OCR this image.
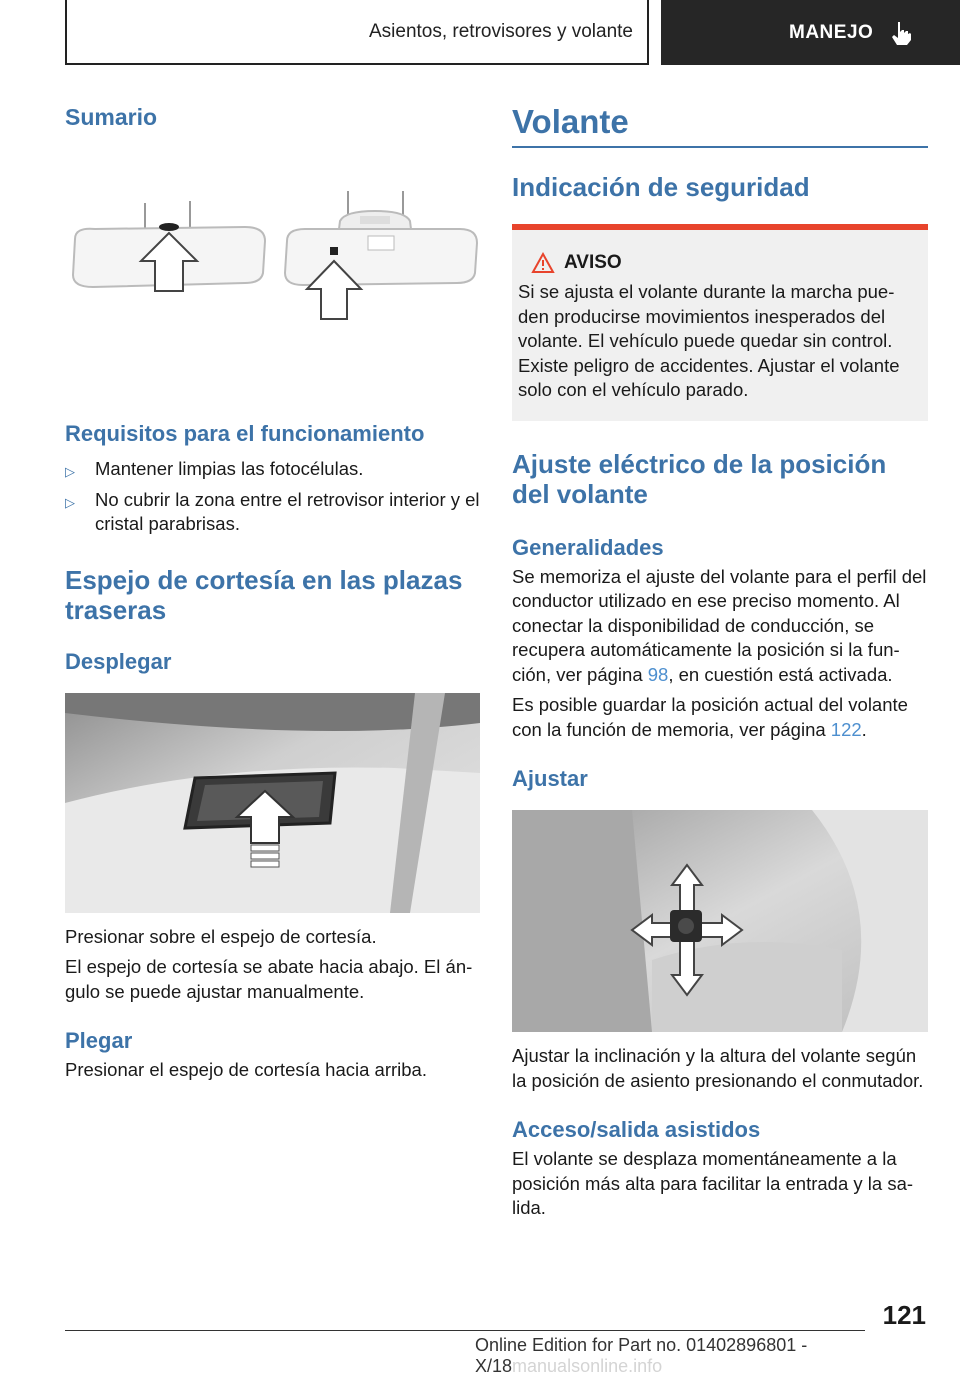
Asientos, retrovisores y volante	MANEJO
Sumario
Requisitos para el funcionamiento
▷ Mantener limpias las fotocélulas.
▷ No cubrir la zona entre el retrovisor interior y el cristal parabrisas.
Espejo de cortesía en las plazas traseras
Desplegar

Presionar sobre el espejo de cortesía.

El espejo de cortesía se abate hacia abajo. El ángulo se puede ajustar manualmente.

Plegar

Presionar el espejo de cortesía hacia arriba.

Volante
Indicación de seguridad
AVISO

Si se ajusta el volante durante la marcha pueden producirse movimientos inesperados del volante. El vehículo puede quedar sin control. Existe peligro de accidentes. Ajustar el volante solo con el vehículo parado.

Ajuste eléctrico de la posición del volante
Generalidades

Se memoriza el ajuste del volante para el perfil del conductor utilizado en ese preciso momento. Al conectar la disponibilidad de conducción, se recupera automáticamente la posición si la función, ver página 98, en cuestión está activada.

Es posible guardar la posición actual del volante con la función de memoria, ver página 122.

Ajustar

Ajustar la inclinación y la altura del volante según la posición de asiento presionando el conmutador.

Acceso/salida asistidos

El volante se desplaza momentáneamente a la posición más alta para facilitar la entrada y la salida.

121
Online Edition for Part no. 01402896801 - X/18manualsonline.info
